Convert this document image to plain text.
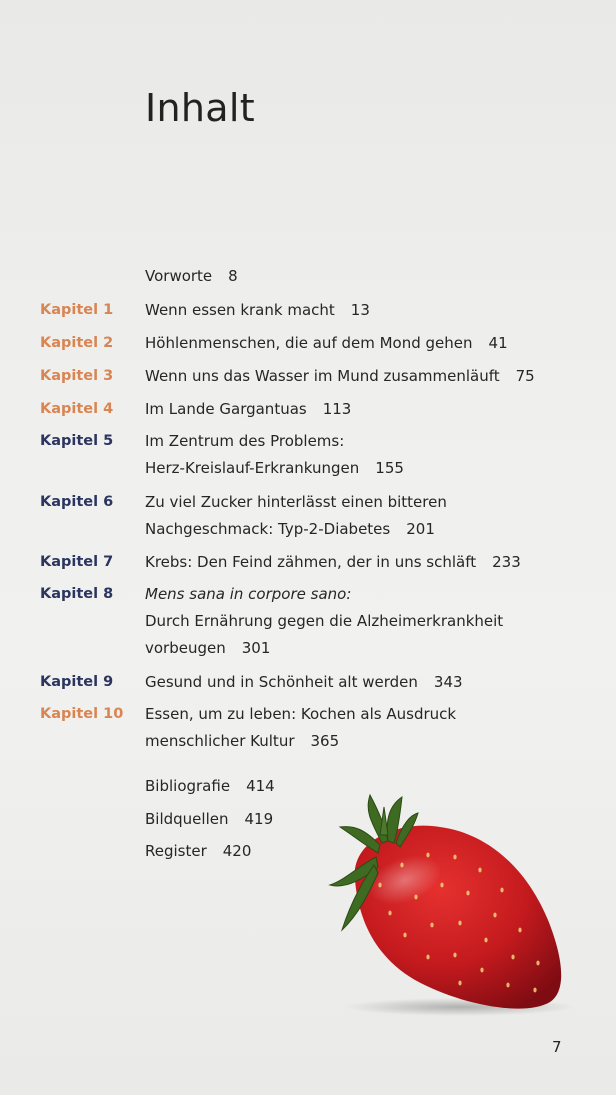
Inhalt
Vorworte 8
Kapitel 1 Wenn essen krank macht 13
Kapitel 2 Höhlenmenschen, die auf dem Mond gehen 41
Kapitel 3 Wenn uns das Wasser im Mund zusammenläuft 75
Kapitel 4 Im Lande Gargantuas 113
Kapitel 5 Im Zentrum des Problems:
Herz-Kreislauf-Erkrankungen 155
Kapitel 6 Zu viel Zucker hinterlässt einen bitteren
Nachgeschmack: Typ-2-Diabetes 201
Kapitel 7 Krebs: Den Feind zähmen, der in uns schläft 233
Kapitel 8 Mens sana in corpore sano:
Durch Ernährung gegen die Alzheimerkrankheit
vorbeugen 301
Kapitel 9 Gesund und in Schönheit alt werden 343
Kapitel 10 Essen, um zu leben: Kochen als Ausdruck
menschlicher Kultur 365
Bibliografie 414
Bildquellen 419
Register 420
7
